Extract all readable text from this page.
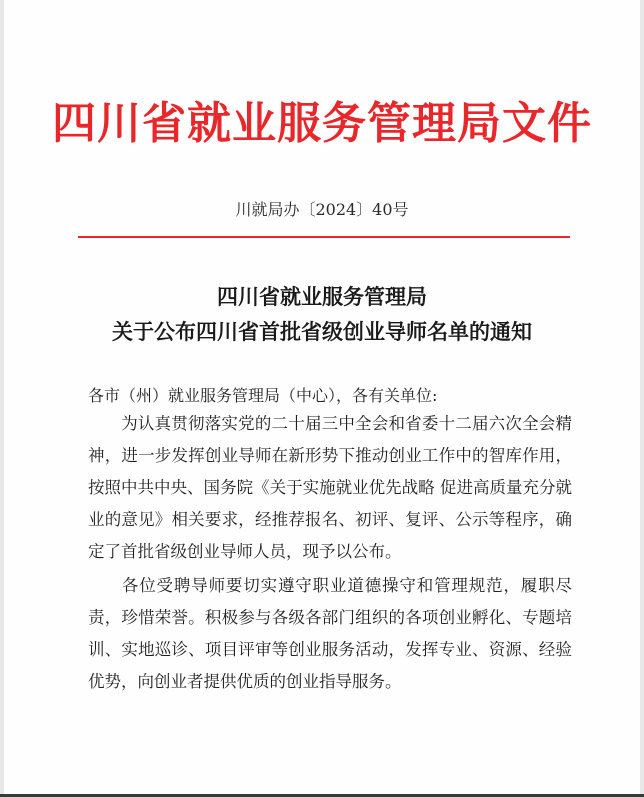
四川省就业服务管理局文件
川就局办〔2024〕40号
四川省就业服务管理局
关于公布四川省首批省级创业导师名单的通知
各市（州）就业服务管理局（中心），各有关单位:
为认真贯彻落实党的二十届三中全会和省委十二届六次全会精神，进一步发挥创业导师在新形势下推动创业工作中的智库作用，按照中共中央、国务院《关于实施就业优先战略 促进高质量充分就业的意见》相关要求，经推荐报名、初评、复评、公示等程序，确定了首批省级创业导师人员，现予以公布。
各位受聘导师要切实遵守职业道德操守和管理规范，履职尽责，珍惜荣誉。积极参与各级各部门组织的各项创业孵化、专题培训、实地巡诊、项目评审等创业服务活动，发挥专业、资源、经验优势，向创业者提供优质的创业指导服务。
